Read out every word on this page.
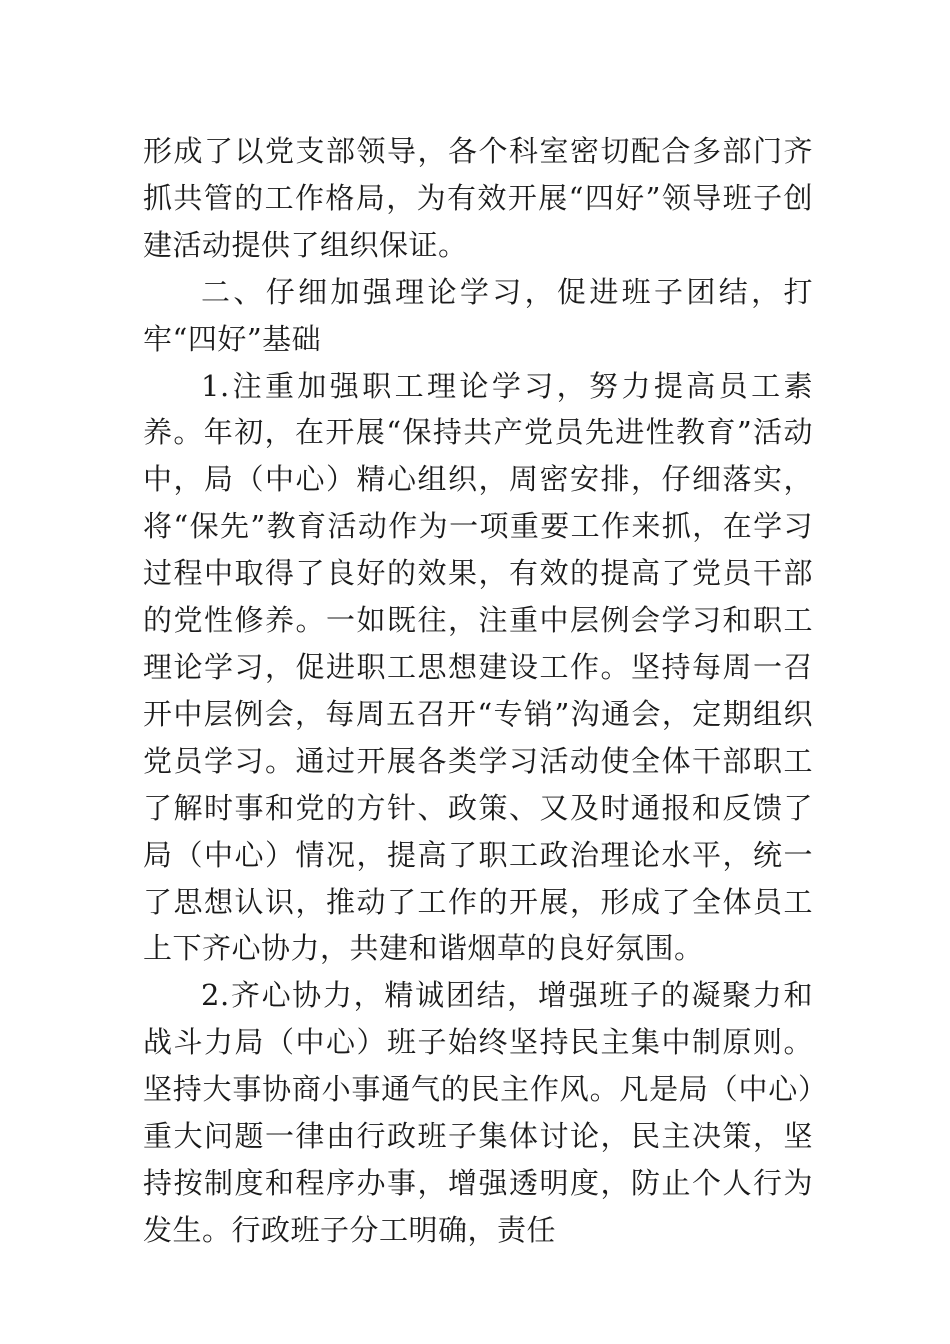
形成了以党支部领导，各个科室密切配合多部门齐抓共管的工作格局，为有效开展“四好”领导班子创建活动提供了组织保证。

二、仔细加强理论学习，促进班子团结，打牢“四好”基础

1.注重加强职工理论学习，努力提高员工素养。年初，在开展“保持共产党员先进性教育”活动中，局（中心）精心组织，周密安排，仔细落实，将“保先”教育活动作为一项重要工作来抓，在学习过程中取得了良好的效果，有效的提高了党员干部的党性修养。一如既往，注重中层例会学习和职工理论学习，促进职工思想建设工作。坚持每周一召开中层例会，每周五召开“专销”沟通会，定期组织党员学习。通过开展各类学习活动使全体干部职工了解时事和党的方针、政策、又及时通报和反馈了局（中心）情况，提高了职工政治理论水平，统一了思想认识，推动了工作的开展，形成了全体员工上下齐心协力，共建和谐烟草的良好氛围。

2.齐心协力，精诚团结，增强班子的凝聚力和战斗力局（中心）班子始终坚持民主集中制原则。坚持大事协商小事通气的民主作风。凡是局（中心）重大问题一律由行政班子集体讨论，民主决策，坚持按制度和程序办事，增强透明度，防止个人行为发生。行政班子分工明确，责任
